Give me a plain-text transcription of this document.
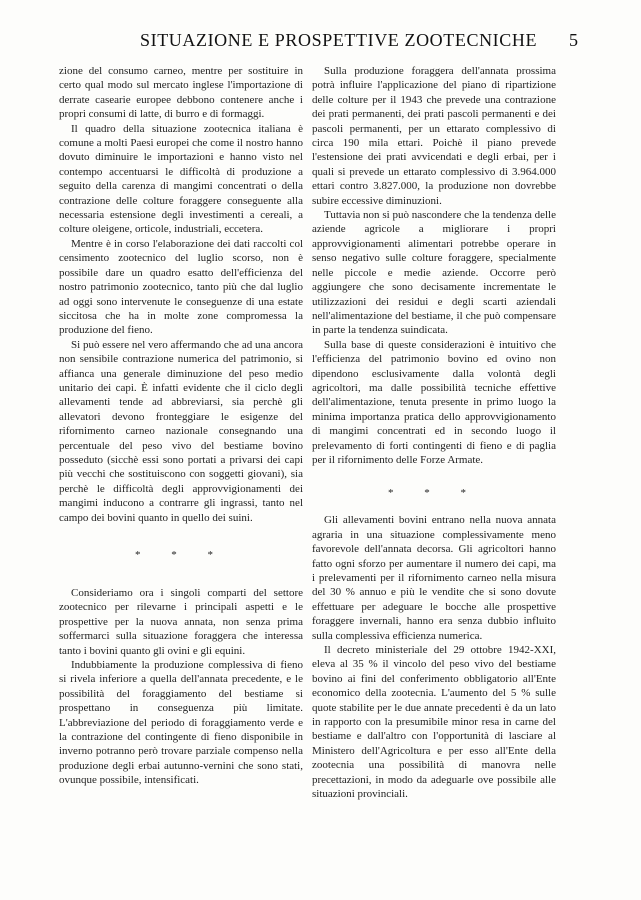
SITUAZIONE E PROSPETTIVE ZOOTECNICHE 5

zione del consumo carneo, mentre per sostituire in certo qual modo sul mercato inglese l'importazione di derrate casearie europee debbono contenere anche i propri consumi di latte, di burro e di formaggi.

Il quadro della situazione zootecnica italiana è comune a molti Paesi europei che come il nostro hanno dovuto diminuire le importazioni e hanno visto nel contempo accentuarsi le difficoltà di produzione a seguito della carenza di mangimi concentrati o della contrazione delle colture foraggere conseguente alla necessaria estensione degli investimenti a cereali, a colture oleigene, orticole, industriali, eccetera.

Mentre è in corso l'elaborazione dei dati raccolti col censimento zootecnico del luglio scorso, non è possibile dare un quadro esatto dell'efficienza del nostro patrimonio zootecnico, tanto più che dal luglio ad oggi sono intervenute le conseguenze di una estate siccitosa che ha in molte zone compromessa la produzione del fieno.

Si può essere nel vero affermando che ad una ancora non sensibile contrazione numerica del patrimonio, si affianca una generale diminuzione del peso medio unitario dei capi. È infatti evidente che il ciclo degli allevamenti tende ad abbreviarsi, sia perchè gli allevatori devono fronteggiare le esigenze del rifornimento carneo nazionale consegnando una percentuale del peso vivo del bestiame bovino posseduto (sicchè essi sono portati a privarsi dei capi più vecchi che sostituiscono con soggetti giovani), sia perchè le difficoltà degli approvvigionamenti dei mangimi inducono a contrarre gli ingrassi, tanto nel campo dei bovini quanto in quello dei suini.

* * *

Consideriamo ora i singoli comparti del settore zootecnico per rilevarne i principali aspetti e le prospettive per la nuova annata, non senza prima soffermarci sulla situazione foraggera che interessa tanto i bovini quanto gli ovini e gli equini.

Indubbiamente la produzione complessiva di fieno si rivela inferiore a quella dell'annata precedente, e le possibilità del foraggiamento del bestiame si prospettano in conseguenza più limitate. L'abbreviazione del periodo di foraggiamento verde e la contrazione del contingente di fieno disponibile in inverno potranno però trovare parziale compenso nella produzione degli erbai autunno-vernini che sono stati, ovunque possibile, intensificati.

Sulla produzione foraggera dell'annata prossima potrà influire l'applicazione del piano di ripartizione delle colture per il 1943 che prevede una contrazione dei prati permanenti, dei prati pascoli permanenti e dei pascoli permanenti, per un ettarato complessivo di circa 190 mila ettari. Poichè il piano prevede l'estensione dei prati avvicendati e degli erbai, per i quali si prevede un ettarato complessivo di 3.964.000 ettari contro 3.827.000, la produzione non dovrebbe subire eccessive diminuzioni.

Tuttavia non si può nascondere che la tendenza delle aziende agricole a migliorare i propri approvvigionamenti alimentari potrebbe operare in senso negativo sulle colture foraggere, specialmente nelle piccole e medie aziende. Occorre però aggiungere che sono decisamente incrementate le utilizzazioni dei residui e degli scarti aziendali nell'alimentazione del bestiame, il che può compensare in parte la tendenza suindicata.

Sulla base di queste considerazioni è intuitivo che l'efficienza del patrimonio bovino ed ovino non dipendono esclusivamente dalla volontà degli agricoltori, ma dalle possibilità tecniche effettive dell'alimentazione, tenuta presente in primo luogo la minima importanza pratica dello approvvigionamento di mangimi concentrati ed in secondo luogo il prelevamento di forti contingenti di fieno e di paglia per il rifornimento delle Forze Armate.

* * *

Gli allevamenti bovini entrano nella nuova annata agraria in una situazione complessivamente meno favorevole dell'annata decorsa. Gli agricoltori hanno fatto ogni sforzo per aumentare il numero dei capi, ma i prelevamenti per il rifornimento carneo nella misura del 30 % annuo e più le vendite che si sono dovute effettuare per adeguare le bocche alle prospettive foraggere invernali, hanno era senza dubbio influito sulla complessiva efficienza numerica.

Il decreto ministeriale del 29 ottobre 1942-XXI, eleva al 35 % il vincolo del peso vivo del bestiame bovino ai fini del conferimento obbligatorio all'Ente economico della zootecnia. L'aumento del 5 % sulle quote stabilite per le due annate precedenti è da un lato in rapporto con la presumibile minor resa in carne del bestiame e dall'altro con l'opportunità di lasciare al Ministero dell'Agricoltura e per esso all'Ente della zootecnia una possibilità di manovra nelle precettazioni, in modo da adeguarle ove possibile alle situazioni provinciali.
